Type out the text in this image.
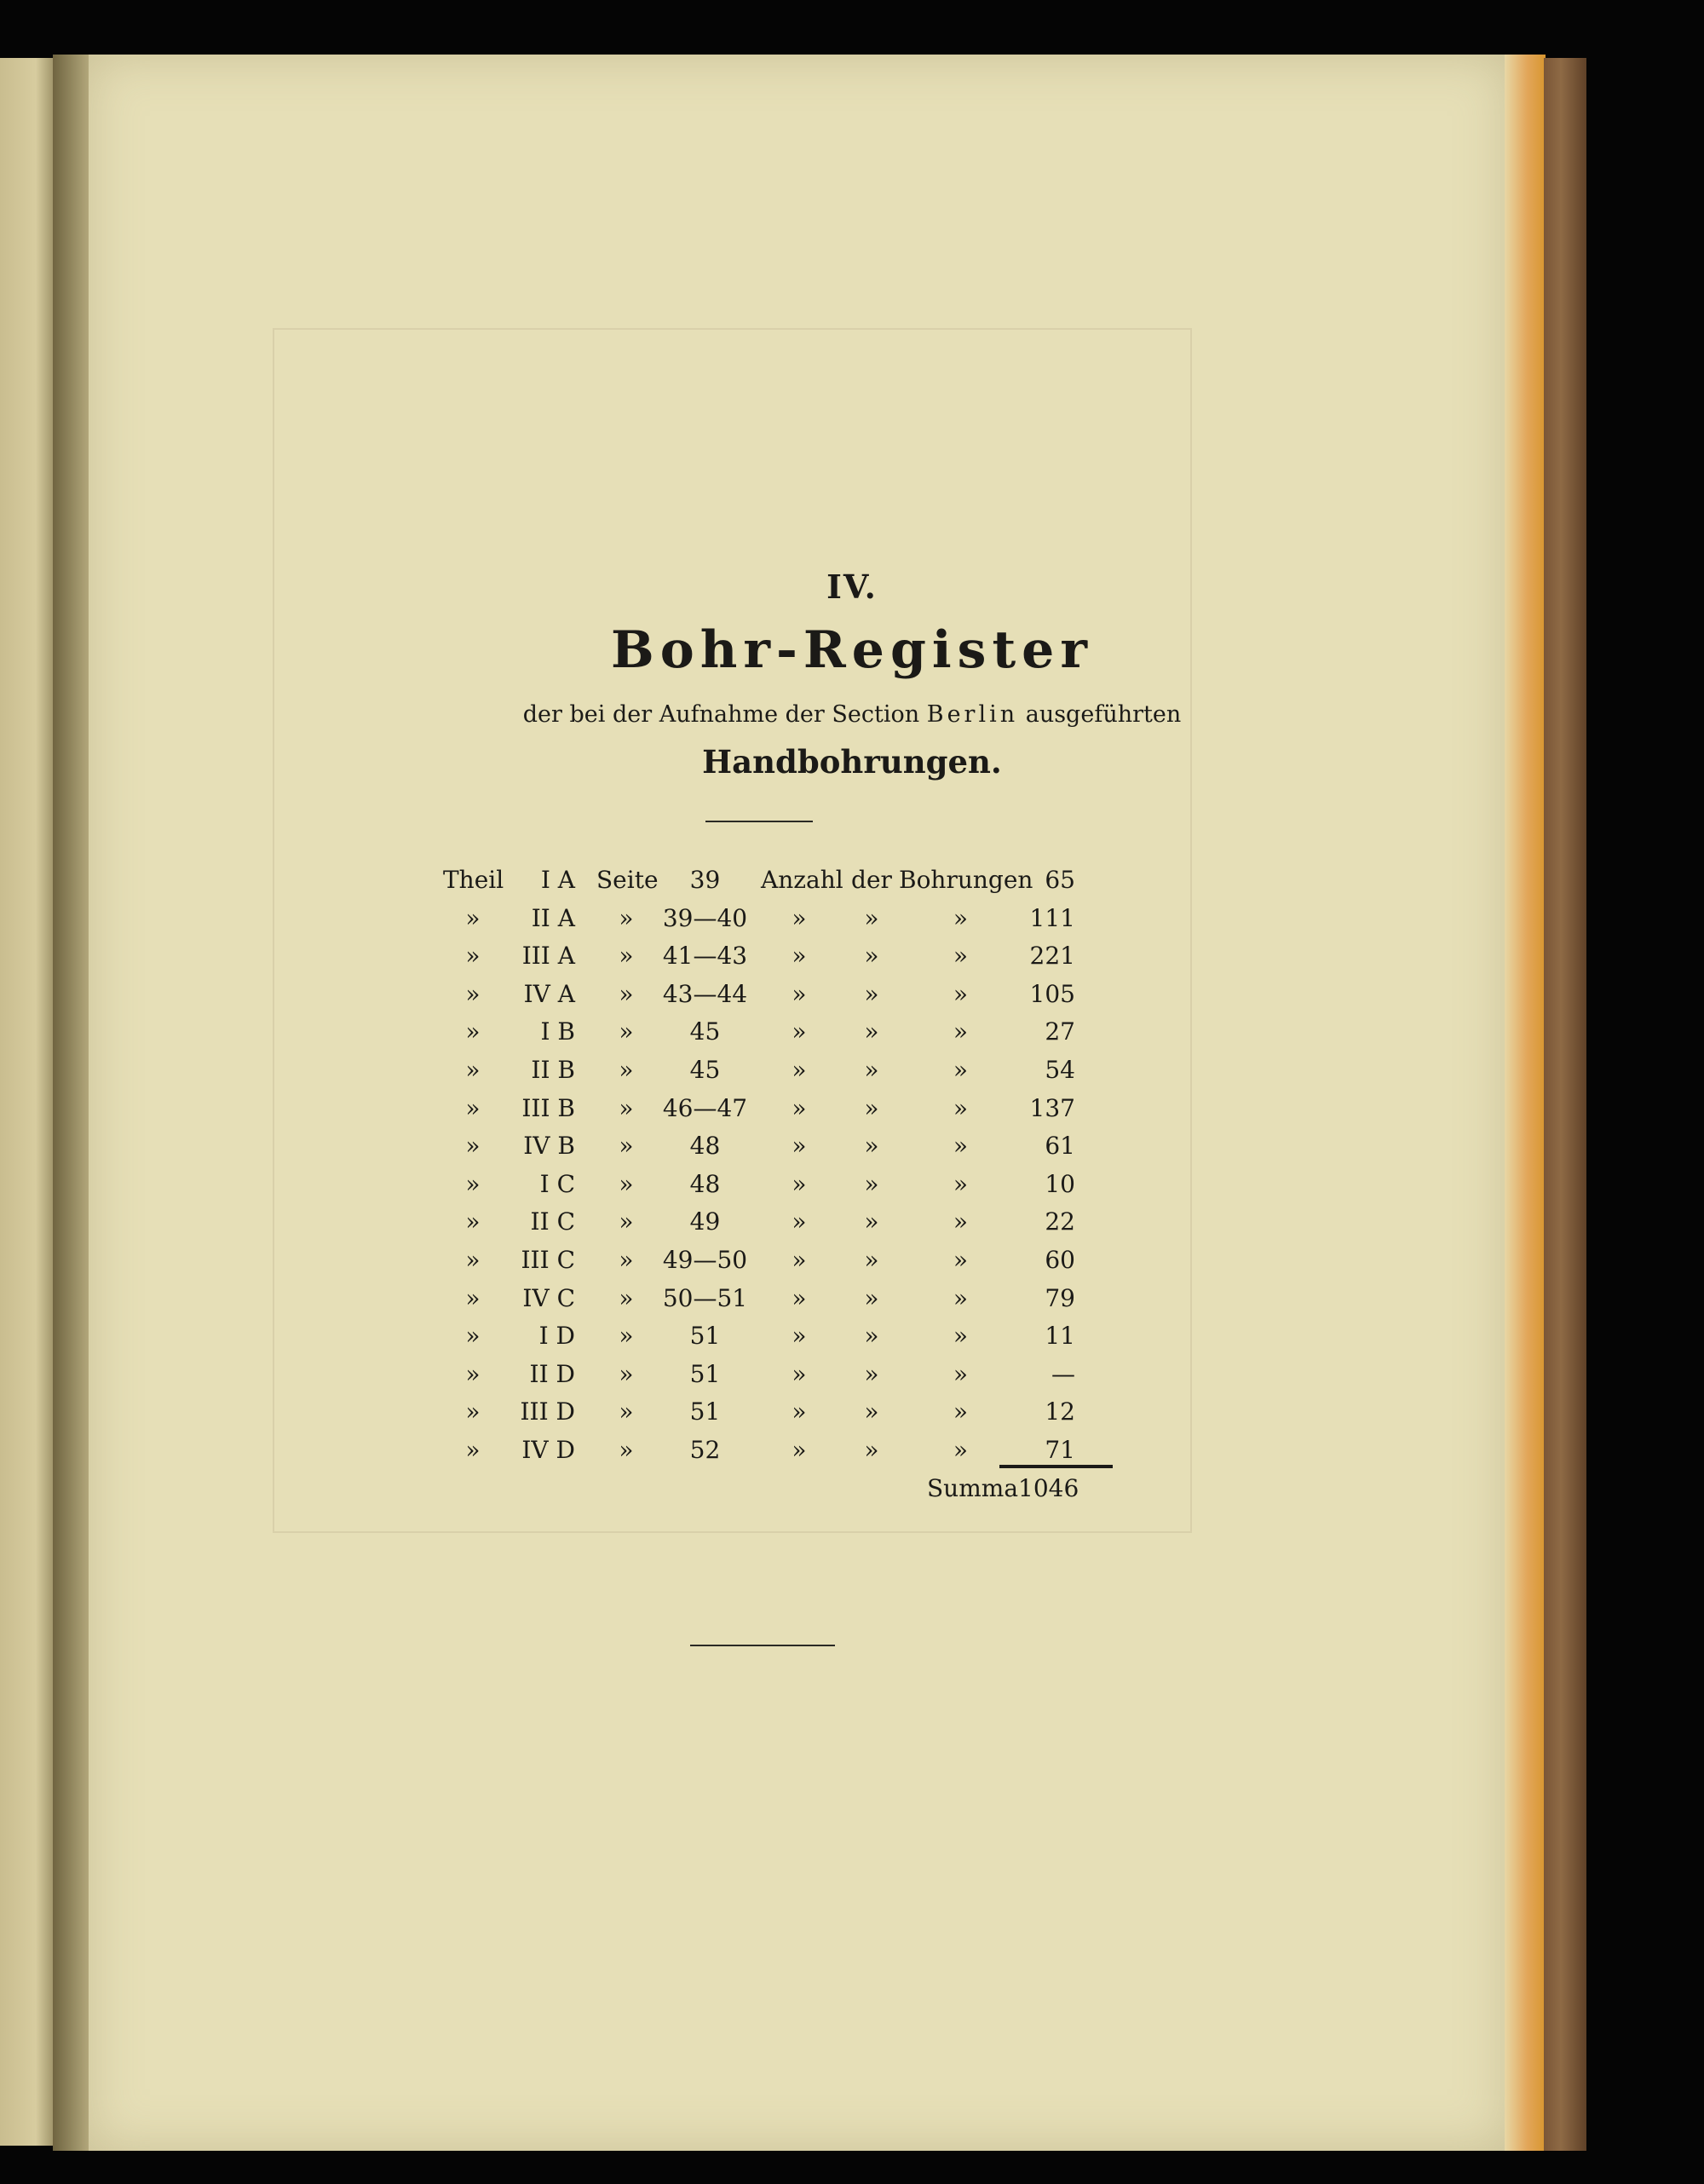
IV.
Bohr-Register
der bei der Aufnahme der Section Berlin ausgeführten
Handbohrungen.
Theil	I A Seite	39	Anzahl der Bohrungen 65
»	II A	»	39—40	»	»	»	111
»	III A	»	41—43	»	»	»	221
»	IV A	»	43—44	»	»	»	105
»	I B	»	45	»	»	»	27
»	II B	»	45	»	»	»	54
»	III B	»	46—47	»	»	»	137
»	IV B	»	48	»	»	»	61
»	I C	»	48	»	»	»	10
»	II C	»	49	»	»	»	22
»	III C	»	49—50	»	»	»	60
»	IV C	»	50—51	»	»	»	79
»	I D	»	51	»	»	»	11
»	II D	»	51	»	»	»	—
»	III D	»	51	»	»	»	12
»	IV D	»	52	»	»	»	71
Summa 1046
